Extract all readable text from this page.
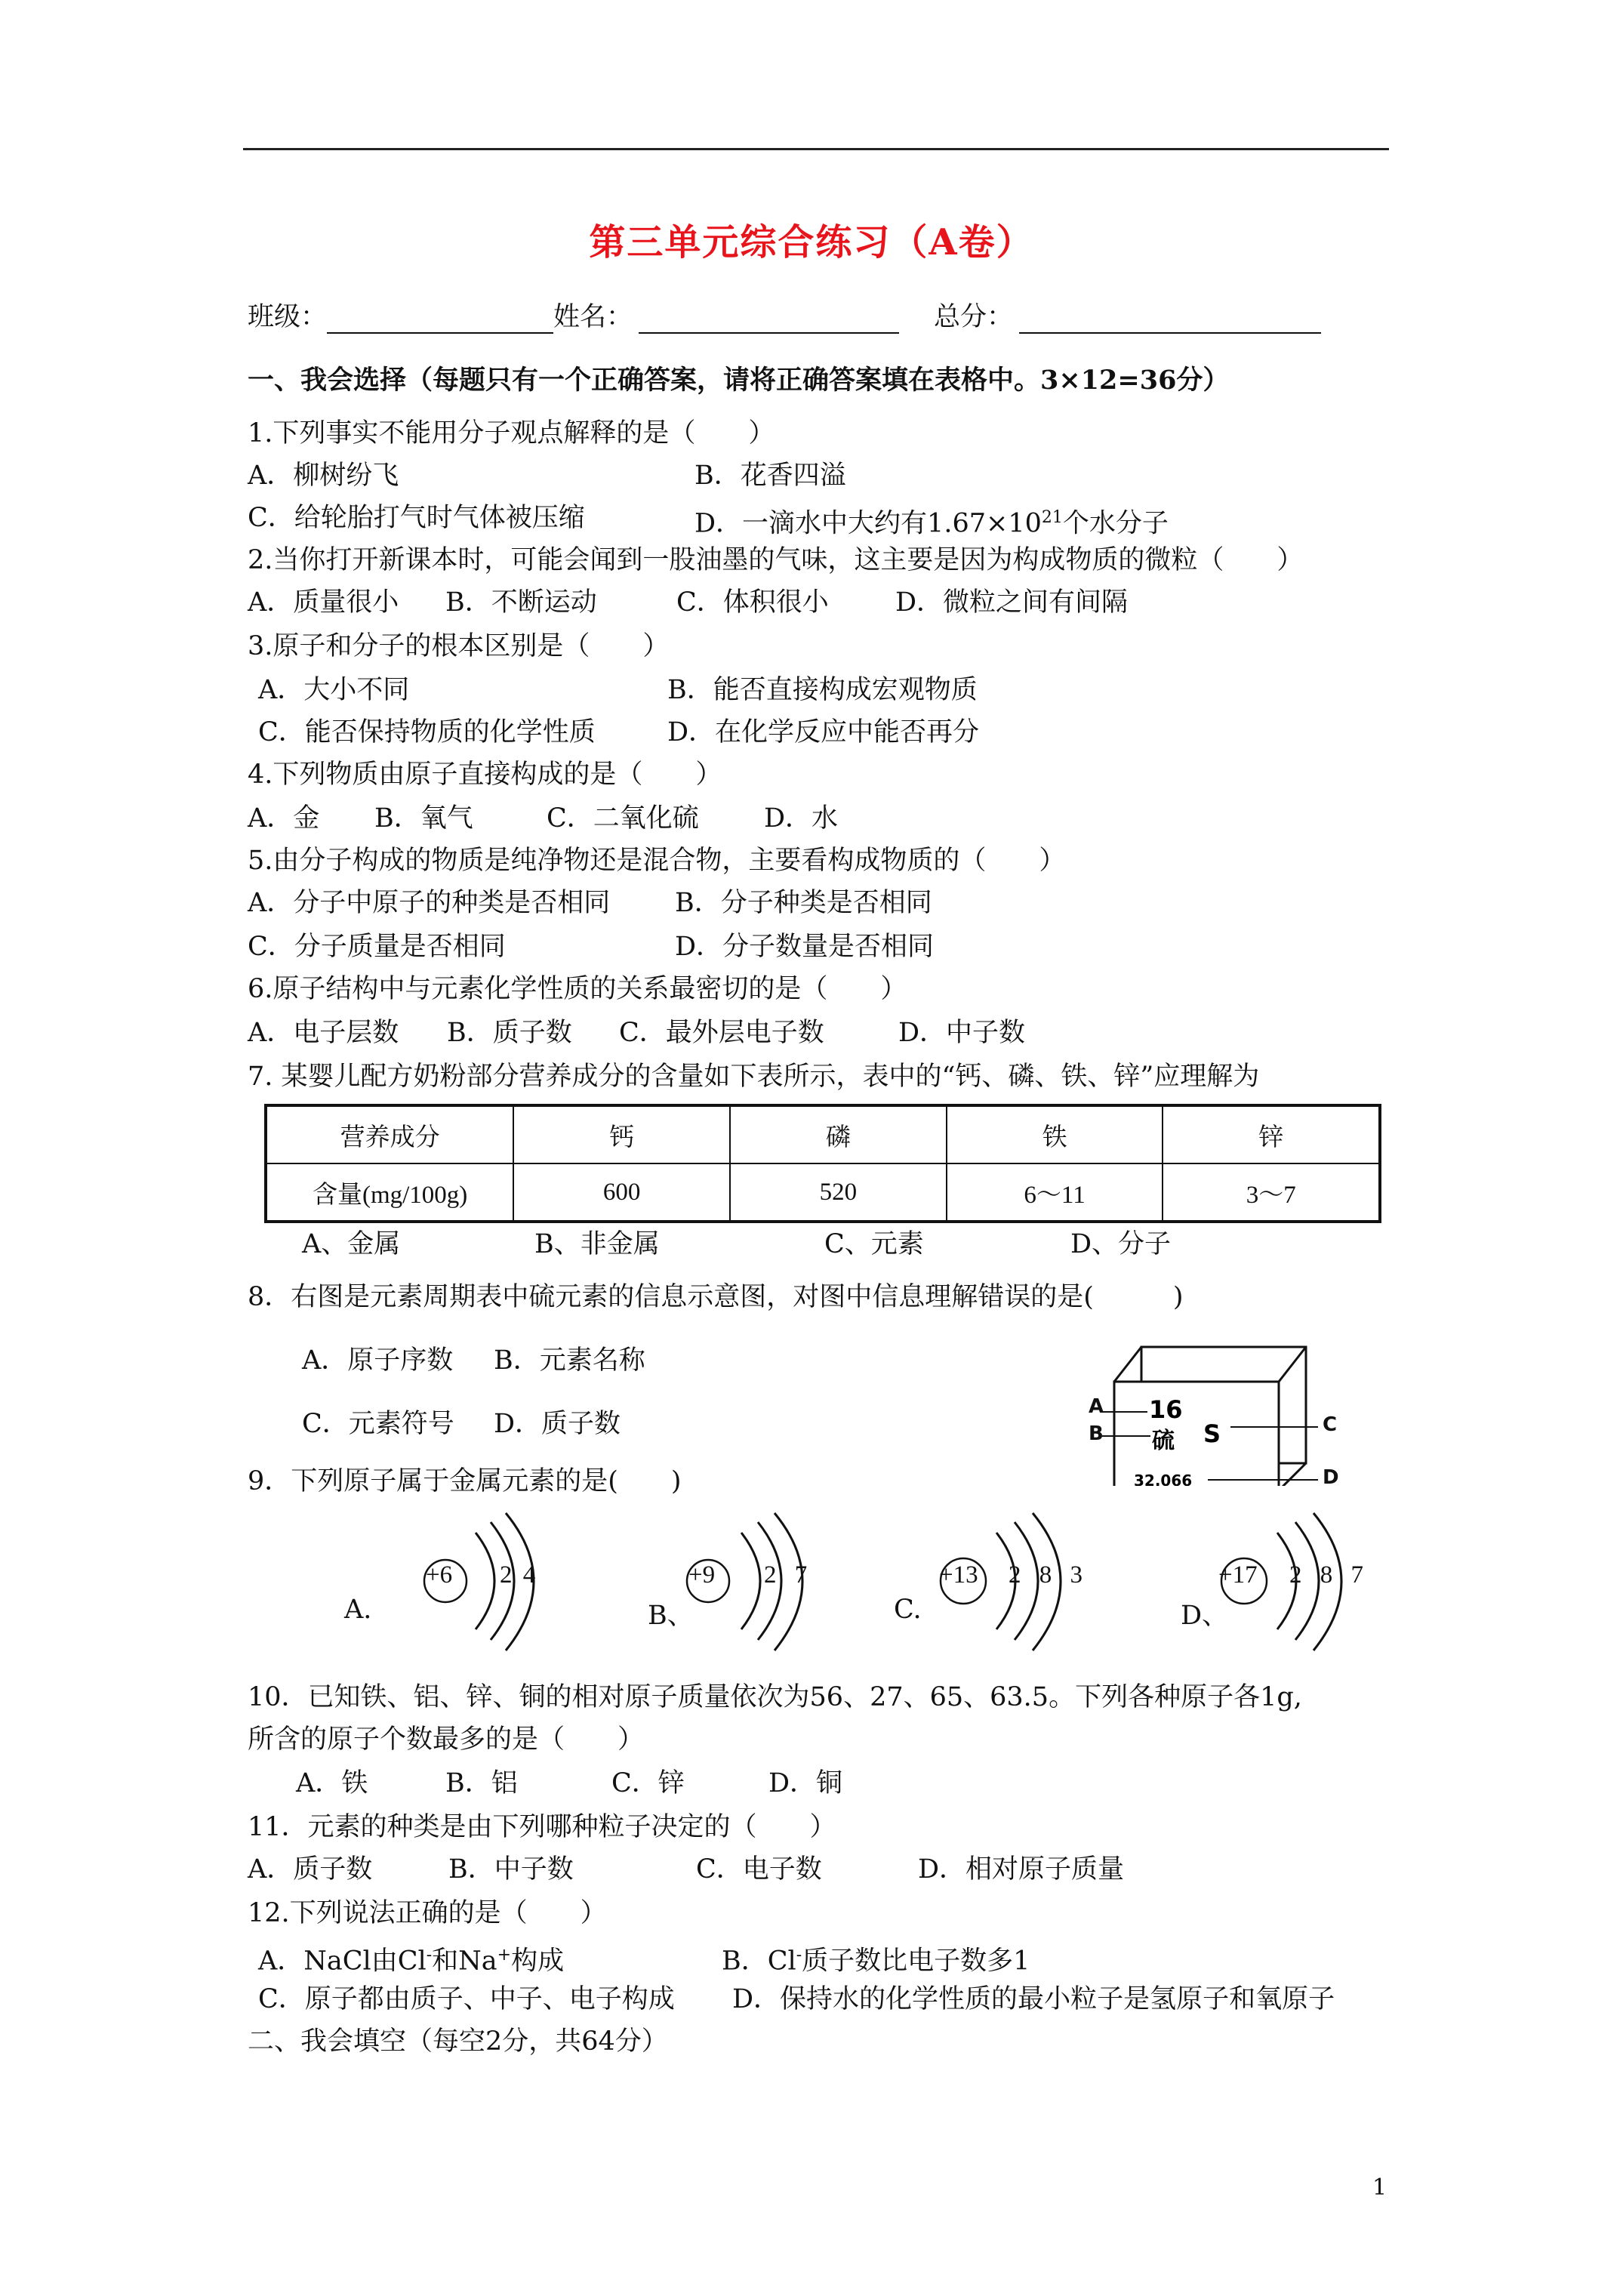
第三单元综合练习（A卷）
班级：	姓名：	总分：
一、我会选择（每题只有一个正确答案，请将正确答案填在表格中。3×12=36分）
1.下列事实不能用分子观点解释的是（　　）
A．柳树纷飞	B．花香四溢
C．给轮胎打气时气体被压缩	D．一滴水中大约有$1.67\times 10^{21}$个水分子
2.当你打开新课本时，可能会闻到一股油墨的气味，这主要是因为构成物质的微粒（　　）
A．质量很小 B．不断运动	C．体积很小	D．微粒之间有间隔
3.原子和分子的根本区别是（　　）
A．大小不同	B．能否直接构成宏观物质
C．能否保持物质的化学性质	D．在化学反应中能否再分
4.下列物质由原子直接构成的是（　　）
A．金 B．氧气	C．二氧化硫 D．水
5.由分子构成的物质是纯净物还是混合物，主要看构成物质的（　　）
A．分子中原子的种类是否相同 B．分子种类是否相同
C．分子质量是否相同	D．分子数量是否相同
6.原子结构中与元素化学性质的关系最密切的是（　　）
A．电子层数 B．质子数 C．最外层电子数	D．中子数
7. 某婴儿配方奶粉部分营养成分的含量如下表所示，表中的“钙、磷、铁、锌”应理解为
营养成分	钙	磷	铁	锌
含量(mg/100g)	600	520	6～11	3～7
A、金属	B、非金属	C、元素	D、分子
8．右图是元素周期表中硫元素的信息示意图，对图中信息理解错误的是(　　　)
A．原子序数 B．元素名称
C．元素符号 D．质子数	16
硫 S
32.066
A
B	C
D
9．下列原子属于金属元素的是(　　)
A.
+6 2 4
B、
+9 2 7
C.
+13 2 8 3
D、
+17 2 8 7
10．已知铁、铝、锌、铜的相对原子质量依次为56、27、65、63.5。下列各种原子各1g,
所含的原子个数最多的是（　　）
A．铁	B．铝	C．锌	D．铜
11．元素的种类是由下列哪种粒子决定的（　　）
A．质子数	B．中子数	C．电子数	D．相对原子质量
12.下列说法正确的是（　　）
A．NaCl由Cl-和Na+构成	B．Cl-质子数比电子数多1
C．原子都由质子、中子、电子构成 D．保持水的化学性质的最小粒子是氢原子和氧原子
二、我会填空（每空2分，共64分）
1
